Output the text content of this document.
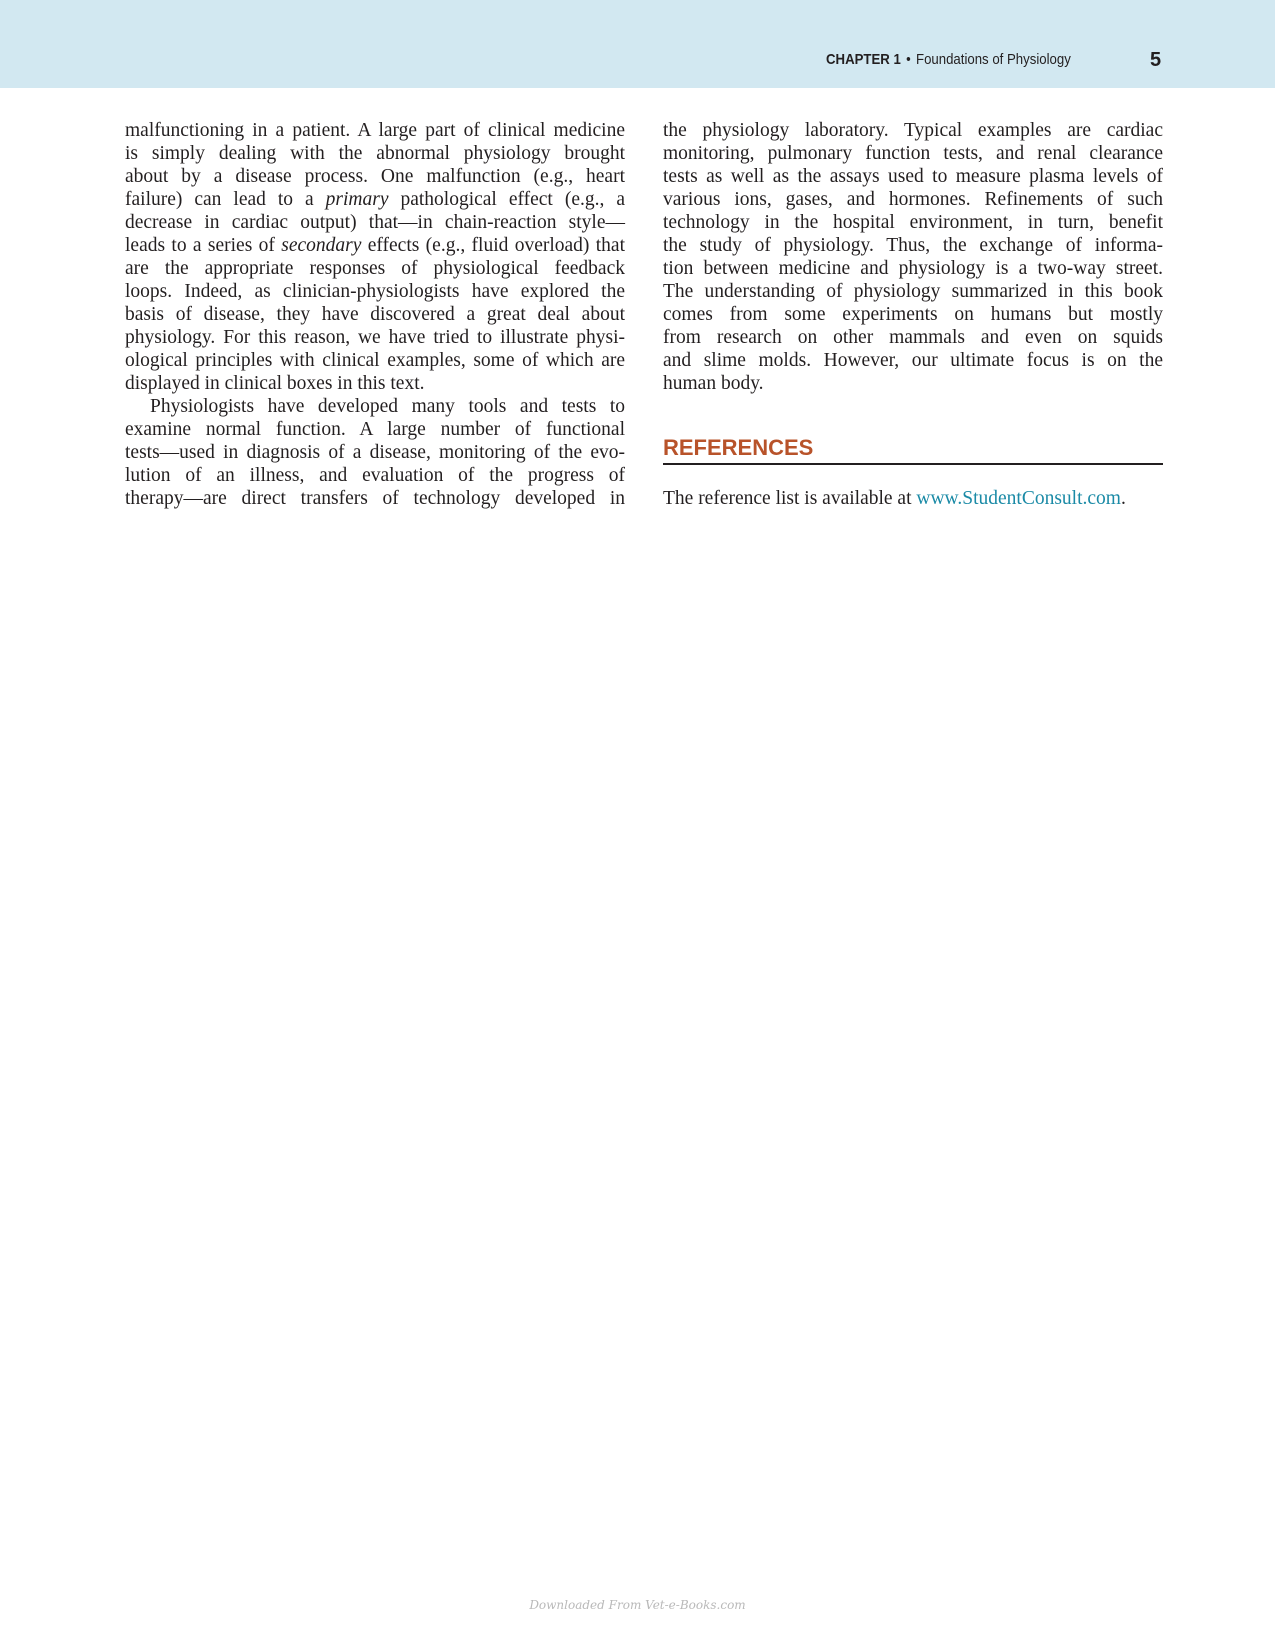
CHAPTER 1 • Foundations of Physiology	5
malfunctioning in a patient. A large part of clinical medicine
is simply dealing with the abnormal physiology brought
about by a disease process. One malfunction (e.g., heart
failure) can lead to a primary pathological effect (e.g., a
decrease in cardiac output) that—in chain-reaction style—
leads to a series of secondary effects (e.g., fluid overload) that
are the appropriate responses of physiological feedback
loops. Indeed, as clinician-physiologists have explored the
basis of disease, they have discovered a great deal about
physiology. For this reason, we have tried to illustrate physi-
ological principles with clinical examples, some of which are
displayed in clinical boxes in this text.
Physiologists have developed many tools and tests to
examine normal function. A large number of functional
tests—used in diagnosis of a disease, monitoring of the evo-
lution of an illness, and evaluation of the progress of
therapy—are direct transfers of technology developed in
the physiology laboratory. Typical examples are cardiac
monitoring, pulmonary function tests, and renal clearance
tests as well as the assays used to measure plasma levels of
various ions, gases, and hormones. Refinements of such
technology in the hospital environment, in turn, benefit
the study of physiology. Thus, the exchange of informa-
tion between medicine and physiology is a two-way street.
The understanding of physiology summarized in this book
comes from some experiments on humans but mostly
from research on other mammals and even on squids
and slime molds. However, our ultimate focus is on the
human body.
REFERENCES
The reference list is available at www.StudentConsult.com.
Downloaded From Vet-e-Books.com
